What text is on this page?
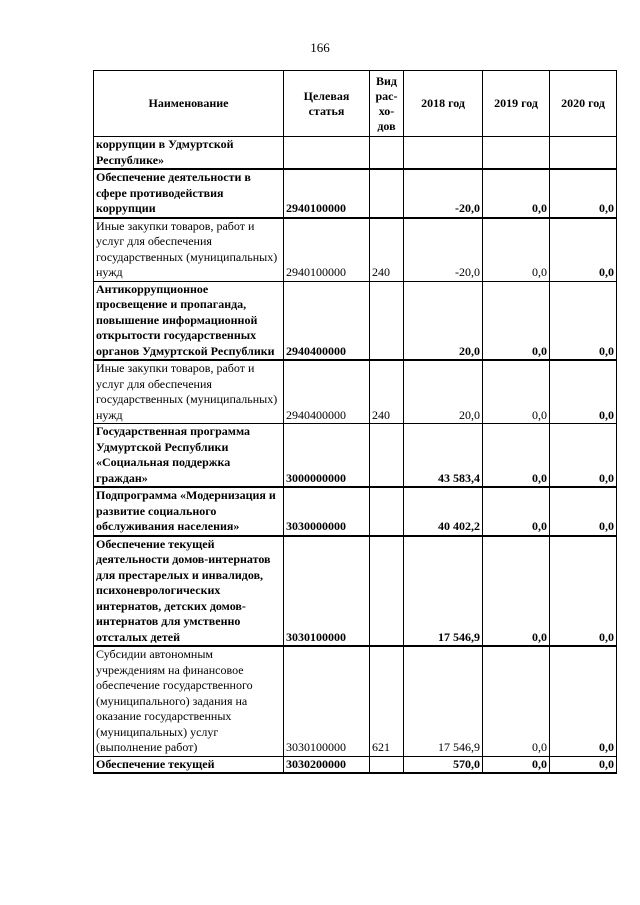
166
Наименование	Целевая статья	Вид рас-хо-дов	2018 год	2019 год	2020 год
коррупции в Удмуртской Республике»					
Обеспечение деятельности в сфере противодействия коррупции	2940100000		-20,0	0,0	0,0
Иные закупки товаров, работ и услуг для обеспечения государственных (муниципальных) нужд	2940100000	240	-20,0	0,0	0,0
Антикоррупционное просвещение и пропаганда, повышение информационной открытости государственных органов Удмуртской Республики	2940400000		20,0	0,0	0,0
Иные закупки товаров, работ и услуг для обеспечения государственных (муниципальных) нужд	2940400000	240	20,0	0,0	0,0
Государственная программа Удмуртской Республики «Социальная поддержка граждан»	3000000000		43 583,4	0,0	0,0
Подпрограмма «Модернизация и развитие социального обслуживания населения»	3030000000		40 402,2	0,0	0,0
Обеспечение текущей деятельности домов-интернатов для престарелых и инвалидов, психоневрологических интернатов, детских домов-интернатов для умственно отсталых детей	3030100000		17 546,9	0,0	0,0
Субсидии автономным учреждениям на финансовое обеспечение государственного (муниципального) задания на оказание государственных (муниципальных) услуг (выполнение работ)	3030100000	621	17 546,9	0,0	0,0
Обеспечение текущей	3030200000		570,0	0,0	0,0
